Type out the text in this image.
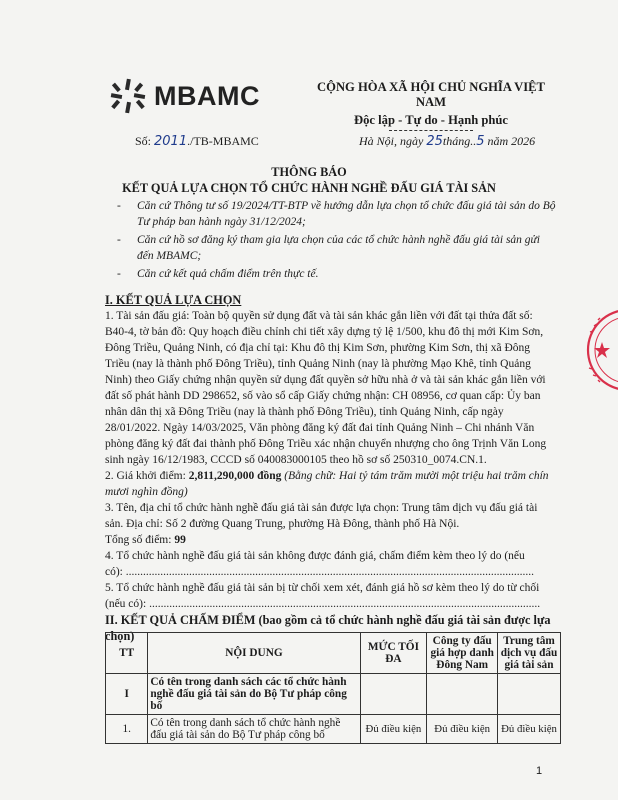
MBAMC	CỘNG HÒA XÃ HỘI CHỦ NGHĨA VIỆT NAM
Độc lập - Tự do - Hạnh phúc
Số: 2011./TB-MBAMC	Hà Nội, ngày 25tháng..5 năm 2026
THÔNG BÁO
KẾT QUẢ LỰA CHỌN TỔ CHỨC HÀNH NGHỀ ĐẤU GIÁ TÀI SẢN
- Căn cứ Thông tư số 19/2024/TT-BTP về hướng dẫn lựa chọn tổ chức đấu giá tài sản do Bộ Tư pháp ban hành ngày 31/12/2024;
- Căn cứ hồ sơ đăng ký tham gia lựa chọn của các tổ chức hành nghề đấu giá tài sản gửi đến MBAMC;
- Căn cứ kết quả chấm điểm trên thực tế.

I. KẾT QUẢ LỰA CHỌN

1. Tài sản đấu giá: Toàn bộ quyền sử dụng đất và tài sản khác gắn liền với đất tại thửa đất số: B40-4, tờ bản đồ: Quy hoạch điều chỉnh chi tiết xây dựng tỷ lệ 1/500, khu đô thị mới Kim Sơn, Đông Triều, Quảng Ninh, có địa chỉ tại: Khu đô thị Kim Sơn, phường Kim Sơn, thị xã Đông Triều (nay là thành phố Đông Triều), tỉnh Quảng Ninh (nay là phường Mạo Khê, tỉnh Quảng Ninh) theo Giấy chứng nhận quyền sử dụng đất quyền sở hữu nhà ở và tài sản khác gắn liền với đất số phát hành DD 298652, số vào sổ cấp Giấy chứng nhận: CH 08956, cơ quan cấp: Ủy ban nhân dân thị xã Đông Triều (nay là thành phố Đông Triều), tỉnh Quảng Ninh, cấp ngày 28/01/2022. Ngày 14/03/2025, Văn phòng đăng ký đất đai tỉnh Quảng Ninh – Chi nhánh Văn phòng đăng ký đất đai thành phố Đông Triều xác nhận chuyển nhượng cho ông Trịnh Văn Long sinh ngày 16/12/1983, CCCD số 040083000105 theo hồ sơ số 250310_0074.CN.1.

2. Giá khởi điểm: 2,811,290,000 đồng (Bằng chữ: Hai tỷ tám trăm mười một triệu hai trăm chín mươi nghìn đồng)

3. Tên, địa chỉ tổ chức hành nghề đấu giá tài sản được lựa chọn: Trung tâm dịch vụ đấu giá tài sản. Địa chỉ: Số 2 đường Quang Trung, phường Hà Đông, thành phố Hà Nội.

Tổng số điểm: 99

4. Tổ chức hành nghề đấu giá tài sản không được đánh giá, chấm điểm kèm theo lý do (nếu

có): ..............................................................................................................................................

5. Tổ chức hành nghề đấu giá tài sản bị từ chối xem xét, đánh giá hồ sơ kèm theo lý do từ chối

(nếu có): ........................................................................................................................................

II. KẾT QUẢ CHẤM ĐIỂM (bao gồm cả tổ chức hành nghề đấu giá tài sản được lựa chọn)

TT	NỘI DUNG	MỨC TỐI ĐA	Công ty đấu giá hợp danh Đông Nam	Trung tâm dịch vụ đấu giá tài sản
I	Có tên trong danh sách các tổ chức hành nghề đấu giá tài sản do Bộ Tư pháp công bố			
1.	Có tên trong danh sách tổ chức hành nghề đấu giá tài sản do Bộ Tư pháp công bố	Đủ điều kiện	Đủ điều kiện	Đủ điều kiện
1
